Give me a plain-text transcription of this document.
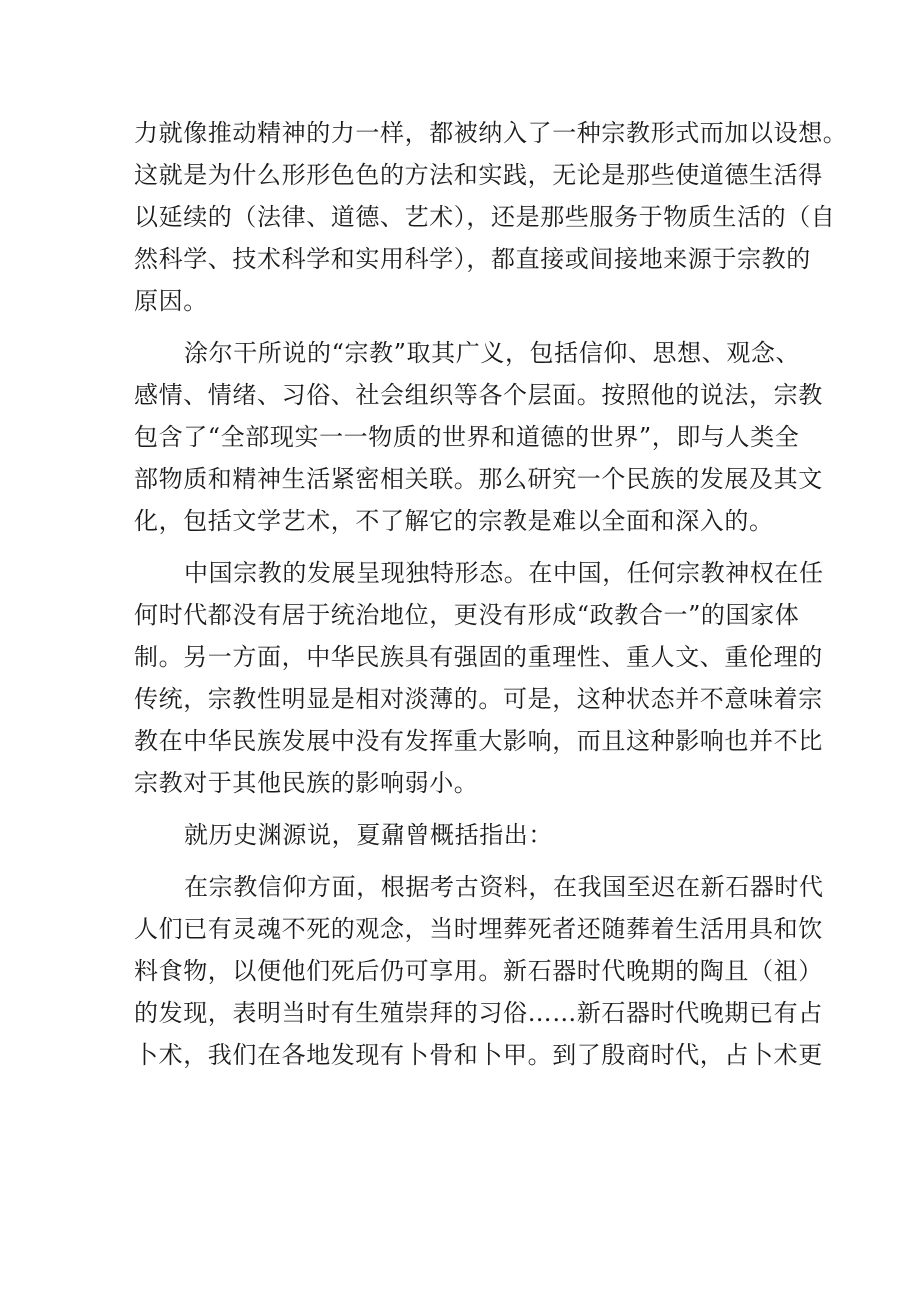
力就像推动精神的力一样，都被纳入了一种宗教形式而加以设想。
这就是为什么形形色色的方法和实践，无论是那些使道德生活得
以延续的（法律、道德、艺术），还是那些服务于物质生活的（自
然科学、技术科学和实用科学），都直接或间接地来源于宗教的
原因。
涂尔干所说的“宗教”取其广义，包括信仰、思想、观念、
感情、情绪、习俗、社会组织等各个层面。按照他的说法，宗教
包含了“全部现实一一物质的世界和道德的世界”，即与人类全
部物质和精神生活紧密相关联。那么研究一个民族的发展及其文
化，包括文学艺术，不了解它的宗教是难以全面和深入的。
中国宗教的发展呈现独特形态。在中国，任何宗教神权在任
何时代都没有居于统治地位，更没有形成“政教合一”的国家体
制。另一方面，中华民族具有强固的重理性、重人文、重伦理的
传统，宗教性明显是相对淡薄的。可是，这种状态并不意味着宗
教在中华民族发展中没有发挥重大影响，而且这种影响也并不比
宗教对于其他民族的影响弱小。
就历史渊源说，夏鼐曾概括指出：
在宗教信仰方面，根据考古资料，在我国至迟在新石器时代
人们已有灵魂不死的观念，当时埋葬死者还随葬着生活用具和饮
料食物，以便他们死后仍可享用。新石器时代晚期的陶且（祖）
的发现，表明当时有生殖崇拜的习俗……新石器时代晚期已有占
卜术，我们在各地发现有卜骨和卜甲。到了殷商时代，占卜术更
